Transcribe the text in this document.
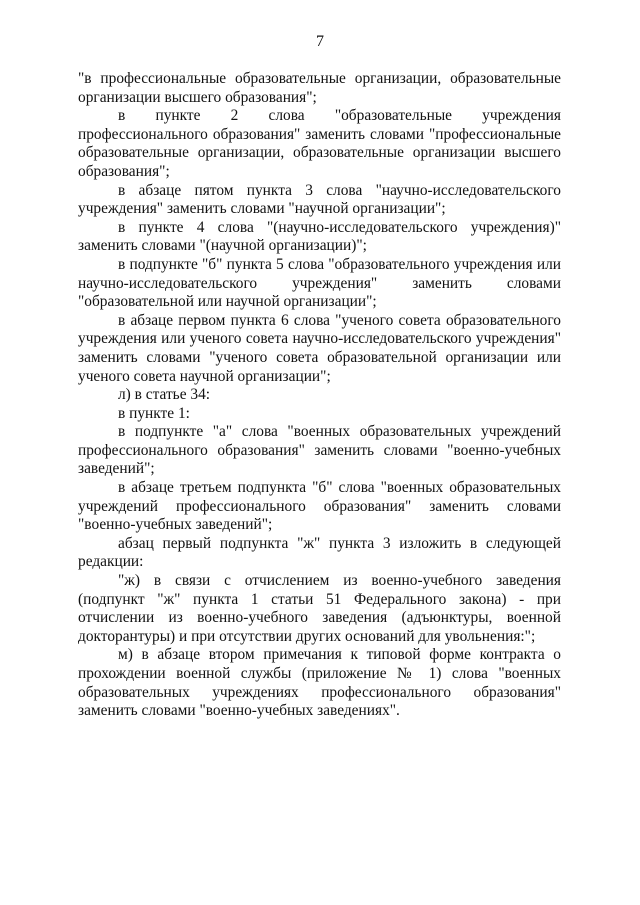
7

"в профессиональные образовательные организации, образовательные организации высшего образования";

в пункте 2 слова "образовательные учреждения профессионального образования" заменить словами "профессиональные образовательные организации, образовательные организации высшего образования";

в абзаце пятом пункта 3 слова "научно-исследовательского учреждения" заменить словами "научной организации";

в пункте 4 слова "(научно-исследовательского учреждения)" заменить словами "(научной организации)";

в подпункте "б" пункта 5 слова "образовательного учреждения или научно-исследовательского учреждения" заменить словами "образовательной или научной организации";

в абзаце первом пункта 6 слова "ученого совета образовательного учреждения или ученого совета научно-исследовательского учреждения" заменить словами "ученого совета образовательной организации или ученого совета научной организации";

л) в статье 34:

в пункте 1:

в подпункте "а" слова "военных образовательных учреждений профессионального образования" заменить словами "военно-учебных заведений";

в абзаце третьем подпункта "б" слова "военных образовательных учреждений профессионального образования" заменить словами "военно-учебных заведений";

абзац первый подпункта "ж" пункта 3 изложить в следующей редакции:

"ж) в связи с отчислением из военно-учебного заведения (подпункт "ж" пункта 1 статьи 51 Федерального закона) - при отчислении из военно-учебного заведения (адъюнктуры, военной докторантуры) и при отсутствии других оснований для увольнения:";

м) в абзаце втором примечания к типовой форме контракта о прохождении военной службы (приложение № 1) слова "военных образовательных учреждениях профессионального образования" заменить словами "военно-учебных заведениях".
